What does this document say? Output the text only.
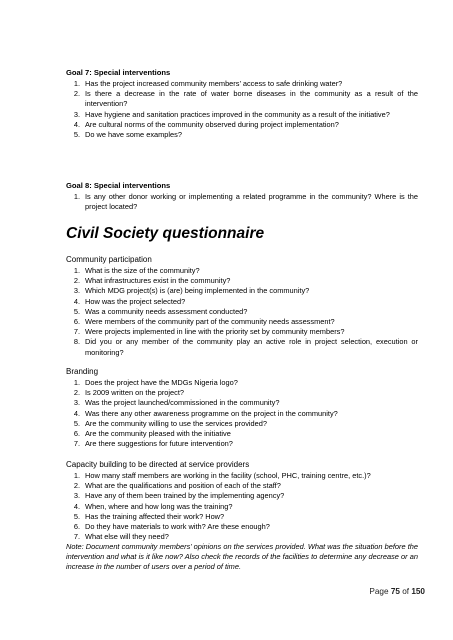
Goal 7: Special interventions
1. Has the project increased community members’ access to safe drinking water?
2. Is there a decrease in the rate of water borne diseases in the community as a result of the intervention?
3. Have hygiene and sanitation practices improved in the community as a result of the initiative?
4. Are cultural norms of the community observed during project implementation?
5. Do we have some examples?
Goal 8: Special interventions
1. Is any other donor working or implementing a related programme in the community? Where is the project located?
Civil Society questionnaire
Community participation
1. What is the size of the community?
2. What infrastructures exist in the community?
3. Which MDG project(s) is (are) being implemented in the community?
4. How was the project selected?
5. Was a community needs assessment conducted?
6. Were members of the community part of the community needs assessment?
7. Were projects implemented in line with the priority set by community members?
8. Did you or any member of the community play an active role in project selection, execution or monitoring?
Branding
1. Does the project have the MDGs Nigeria logo?
2. Is 2009 written on the project?
3. Was the project launched/commissioned in the community?
4. Was there any other awareness programme on the project in the community?
5. Are the community willing to use the services provided?
6. Are the community pleased with the initiative
7. Are there suggestions for future intervention?
Capacity building to be directed at service providers
1. How many staff members are working in the facility (school, PHC, training centre, etc.)?
2. What are the qualifications and position of each of the staff?
3. Have any of them been trained by the implementing agency?
4. When, where and how long was the training?
5. Has the training affected their work? How?
6. Do they have materials to work with? Are these enough?
7. What else will they need?
Note: Document community members’ opinions on the services provided. What was the situation before the intervention and what is it like now? Also check the records of the facilities to determine any decrease or an increase in the number of users over a period of time.
Page 75 of 150
